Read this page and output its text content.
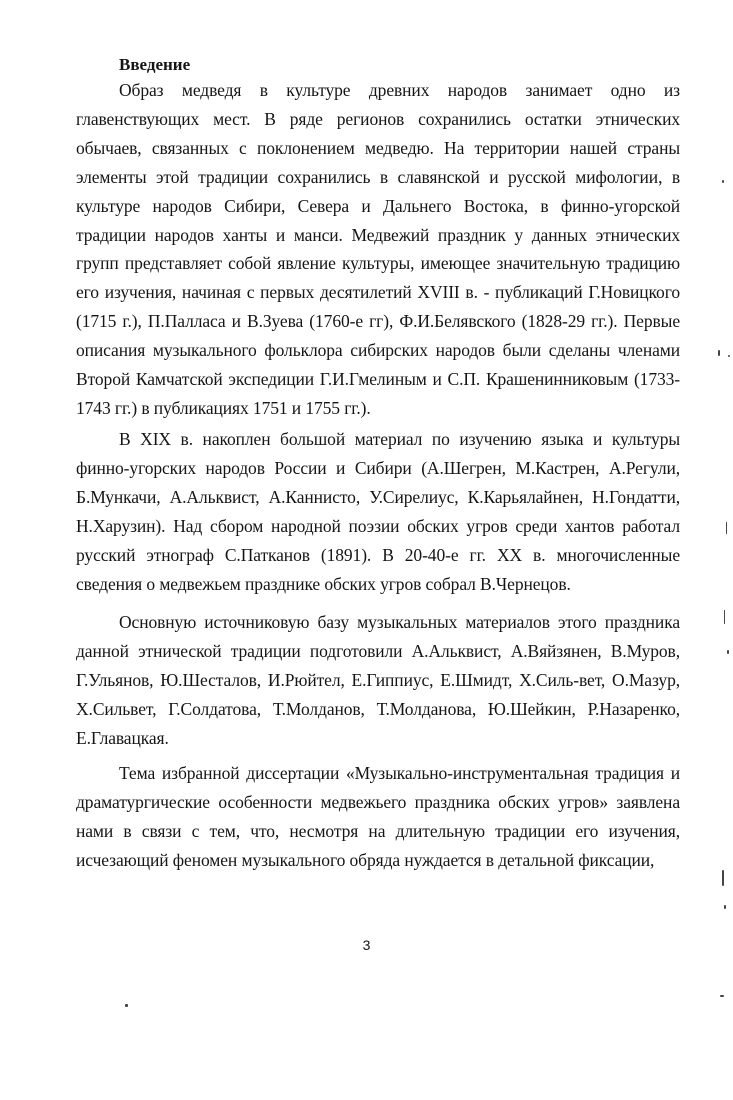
Введение

Образ медведя в культуре древних народов занимает одно из главенствующих мест. В ряде регионов сохранились остатки этнических обычаев, связанных с поклонением медведю. На территории нашей страны элементы этой традиции сохранились в славянской и русской мифологии, в культуре народов Сибири, Севера и Дальнего Востока, в финно-угорской традиции народов ханты и манси. Медвежий праздник у данных этнических групп представляет собой явление культуры, имеющее значительную традицию его изучения, начиная с первых десятилетий XVIII в. - публикаций Г.Новицкого (1715 г.), П.Палласа и В.Зуева (1760-е гг), Ф.И.Белявского (1828-29 гг.). Первые описания музыкального фольклора сибирских народов были сделаны членами Второй Камчатской экспедиции Г.И.Гмелиным и С.П. Крашенинниковым (1733-1743 гг.) в публикациях 1751 и 1755 гг.).

В XIX в. накоплен большой материал по изучению языка и культуры финно-угорских народов России и Сибири (А.Шегрен, М.Кастрен, А.Регули, Б.Мункачи, А.Альквист, А.Каннисто, У.Сирелиус, К.Карьялайнен, Н.Гондатти, Н.Харузин). Над сбором народной поэзии обских угров среди хантов работал русский этнограф С.Патканов (1891). В 20-40-е гг. XX в. многочисленные сведения о медвежьем празднике обских угров собрал В.Чернецов.

Основную источниковую базу музыкальных материалов этого праздника данной этнической традиции подготовили А.Альквист, А.Вяйзянен, В.Муров, Г.Ульянов, Ю.Шесталов, И.Рюйтел, Е.Гиппиус, Е.Шмидт, Х.Силь-вет, О.Мазур, Х.Сильвет, Г.Солдатова, Т.Молданов, Т.Молданова, Ю.Шейкин, Р.Назаренко, Е.Главацкая.

Тема избранной диссертации «Музыкально-инструментальная традиция и драматургические особенности медвежьего праздника обских угров» заявлена нами в связи с тем, что, несмотря на длительную традиции его изучения, исчезающий феномен музыкального обряда нуждается в детальной фиксации,

3
